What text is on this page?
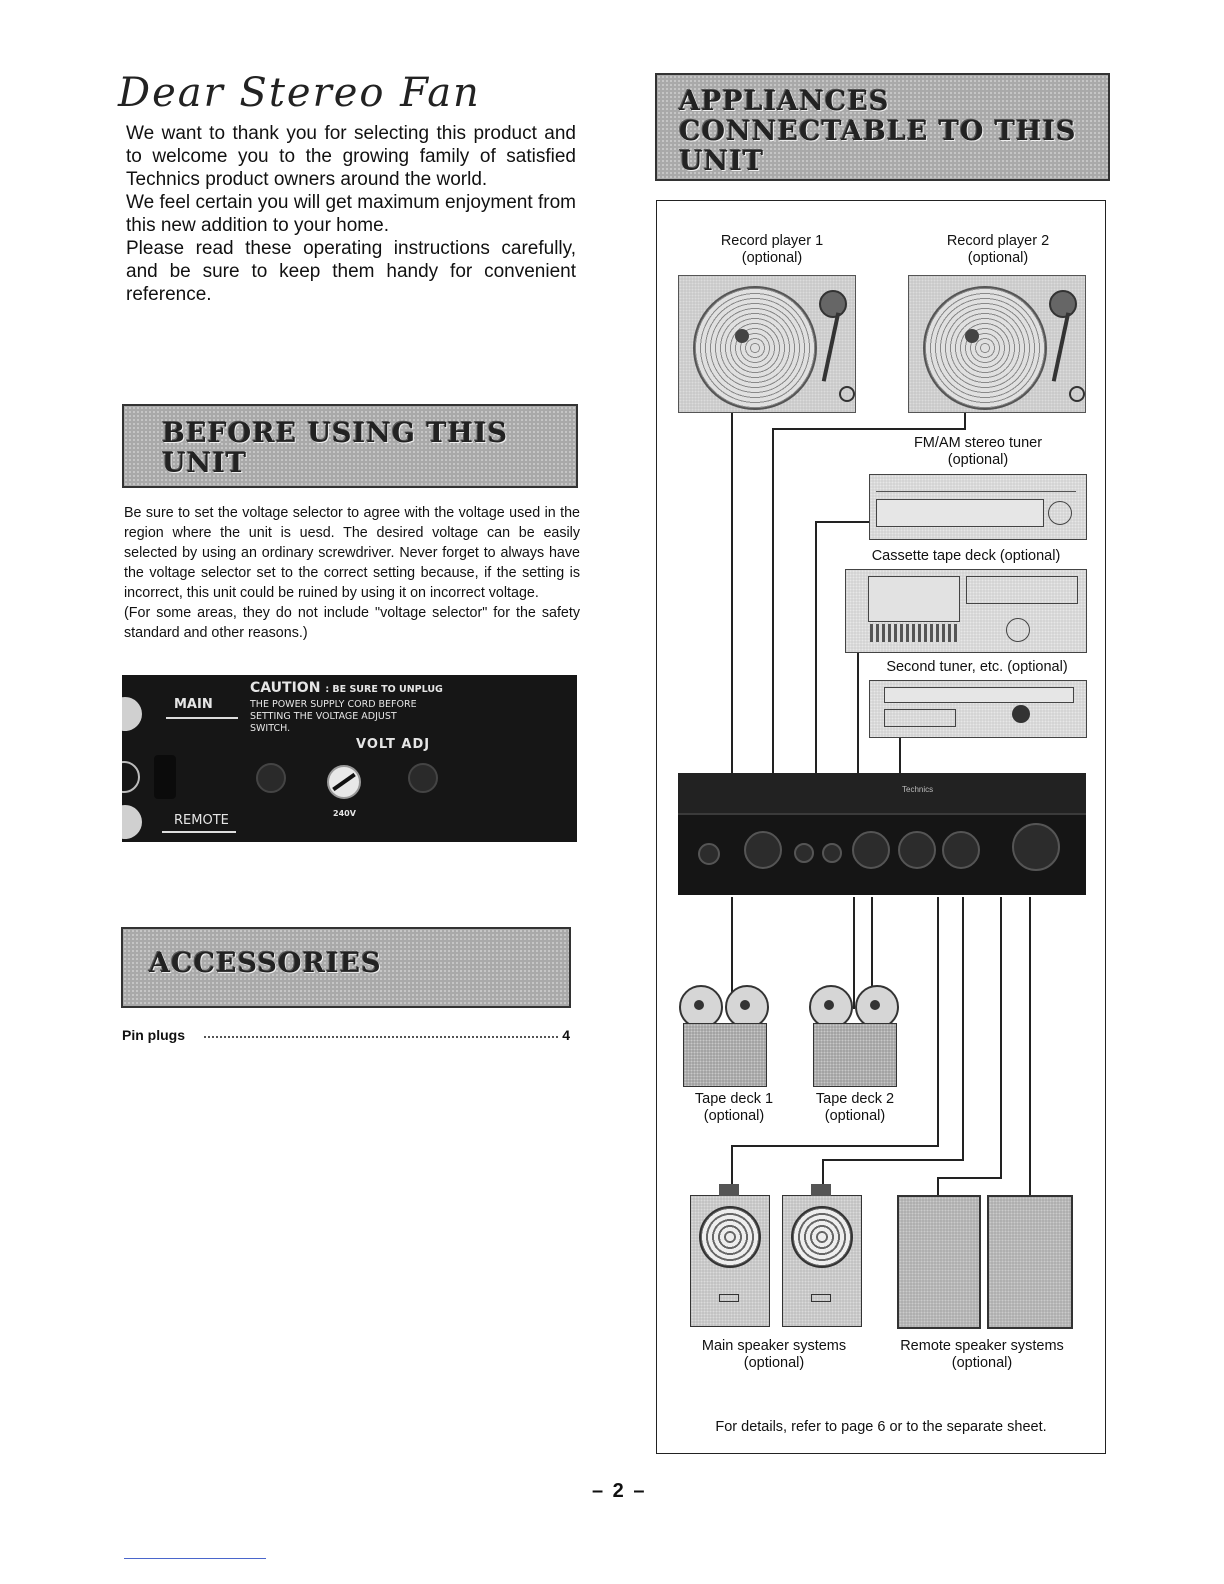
Dear Stereo Fan

We want to thank you for selecting this product and to welcome you to the growing family of satisfied Technics product owners around the world.

We feel certain you will get maximum enjoyment from this new addition to your home.

Please read these operating instructions carefully, and be sure to keep them handy for convenient reference.

BEFORE USING THIS UNIT

Be sure to set the voltage selector to agree with the voltage used in the region where the unit is uesd. The desired voltage can be easily selected by using an ordinary screwdriver. Never forget to always have the voltage selector set to the correct setting because, if the setting is incorrect, this unit could be ruined by using it on incorrect voltage.

(For some areas, they do not include "voltage selector" for the safety standard and other reasons.)

MAIN
REMOTE
CAUTION : BE SURE TO UNPLUG
THE POWER SUPPLY CORD BEFORE
SETTING THE VOLTAGE ADJUST
SWITCH.
VOLT ADJ
240V
ACCESSORIES
Pin plugs	4
APPLIANCES CONNECTABLE TO THIS UNIT
Record player 1
(optional)
Record player 2
(optional)
FM/AM stereo tuner
(optional)
Cassette tape deck (optional)
Second tuner, etc. (optional)
Technics
Tape deck 1
(optional)
Tape deck 2
(optional)
Main speaker systems
(optional)
Remote speaker systems
(optional)
For details, refer to page 6 or to the separate sheet.
– 2 –
